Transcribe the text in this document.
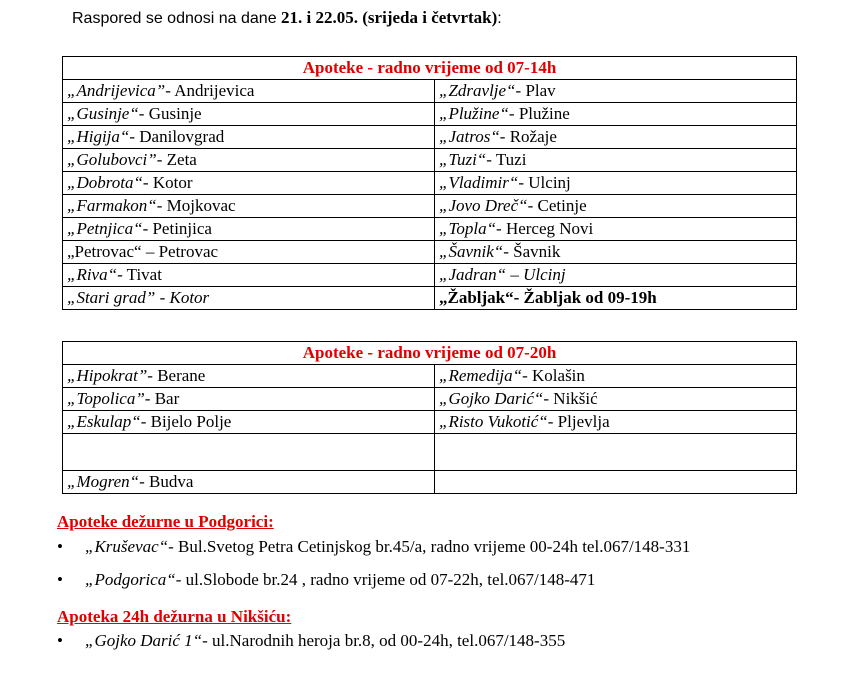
Raspored se odnosi na dane 21. i 22.05. (srijeda i četvrtak):

Apoteke - radno vrijeme od 07-14h	
„Andrijevica”- Andrijevica	„Zdravlje“- Plav
„Gusinje“- Gusinje	„Plužine“- Plužine
„Higija“- Danilovgrad	„Jatros“- Rožaje
„Golubovci”- Zeta	„Tuzi“- Tuzi
„Dobrota“- Kotor	„Vladimir“- Ulcinj
„Farmakon“- Mojkovac	„Jovo Dreč“- Cetinje
„Petnjica“- Petinjica	„Topla“- Herceg Novi
„Petrovac“ – Petrovac	„Šavnik“- Šavnik
„Riva“- Tivat	„Jadran“ – Ulcinj
„Stari grad” - Kotor	„Žabljak“- Žabljak od 09-19h
Apoteke - radno vrijeme od 07-20h	
„Hipokrat”- Berane	„Remedija“- Kolašin
„Topolica”- Bar	„Gojko Darić“- Nikšić
„Eskulap“- Bijelo Polje	„Risto Vukotić“- Pljevlja

„Mogren“- Budva	

Apoteke dežurne u Podgorici:

• „Kruševac“- Bul.Svetog Petra Cetinjskog br.45/a, radno vrijeme 00-24h tel.067/148-331
• „Podgorica“- ul.Slobode br.24 , radno vrijeme od 07-22h, tel.067/148-471

Apoteka 24h dežurna u Nikšiću:

• „Gojko Darić 1“- ul.Narodnih heroja br.8, od 00-24h, tel.067/148-355
